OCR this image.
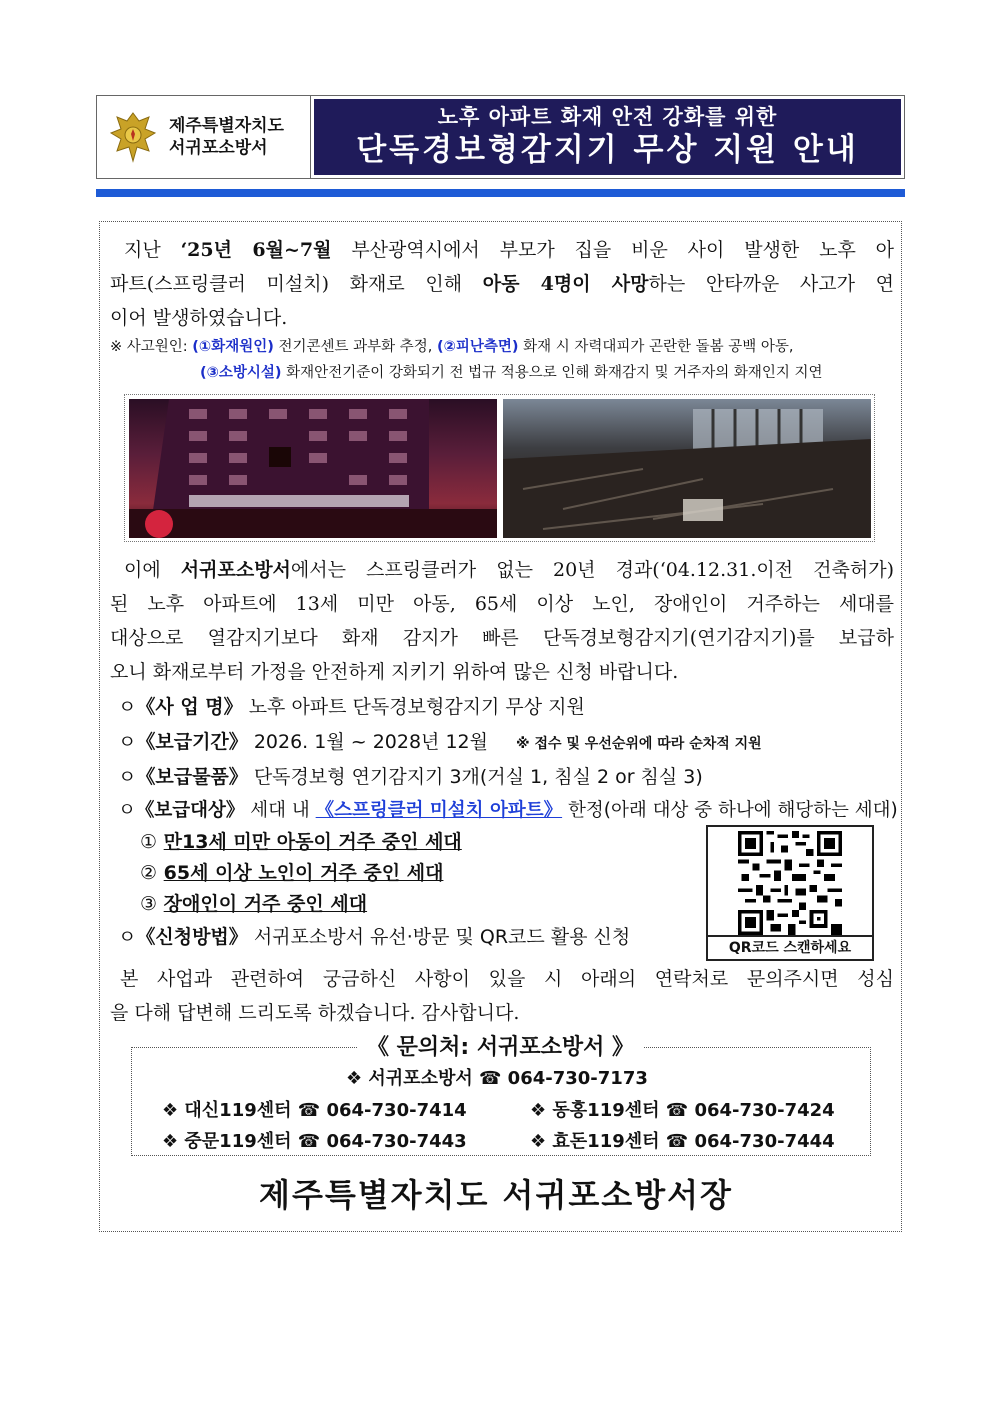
제주특별자치도
서귀포소방서
노후 아파트 화재 안전 강화를 위한
단독경보형감지기 무상 지원 안내
지난 ‘25년 6월~7월 부산광역시에서 부모가 집을 비운 사이 발생한 노후 아
파트(스프링클러 미설치) 화재로 인해 아동 4명이 사망하는 안타까운 사고가 연
이어 발생하였습니다.
※ 사고원인: (①화재원인) 전기콘센트 과부화 추정, (②피난측면) 화재 시 자력대피가 곤란한 돌봄 공백 아동,
(③소방시설) 화재안전기준이 강화되기 전 법규 적용으로 인해 화재감지 및 거주자의 화재인지 지연
이에 서귀포소방서에서는 스프링클러가 없는 20년 경과(‘04.12.31.이전 건축허가)
된 노후 아파트에 13세 미만 아동, 65세 이상 노인, 장애인이 거주하는 세대를
대상으로 열감지기보다 화재 감지가 빠른 단독경보형감지기(연기감지기)를 보급하
오니 화재로부터 가정을 안전하게 지키기 위하여 많은 신청 바랍니다.
ㅇ《사 업 명》 노후 아파트 단독경보형감지기 무상 지원
ㅇ《보급기간》 2026. 1월 ~ 2028년 12월 ※ 접수 및 우선순위에 따라 순차적 지원
ㅇ《보급물품》 단독경보형 연기감지기 3개(거실 1, 침실 2 or 침실 3)
ㅇ《보급대상》 세대 내 《스프링클러 미설치 아파트》 한정(아래 대상 중 하나에 해당하는 세대)
① 만13세 미만 아동이 거주 중인 세대
② 65세 이상 노인이 거주 중인 세대
③ 장애인이 거주 중인 세대
ㅇ《신청방법》 서귀포소방서 유선·방문 및 QR코드 활용 신청	QR코드 스캔하세요
본 사업과 관련하여 궁금하신 사항이 있을 시 아래의 연락처로 문의주시면 성심
을 다해 답변해 드리도록 하겠습니다. 감사합니다.
《 문의처: 서귀포소방서 》
❖ 서귀포소방서 ☎ 064-730-7173
❖ 대신119센터 ☎ 064-730-7414	❖ 동홍119센터 ☎ 064-730-7424
❖ 중문119센터 ☎ 064-730-7443	❖ 효돈119센터 ☎ 064-730-7444
제주특별자치도 서귀포소방서장
